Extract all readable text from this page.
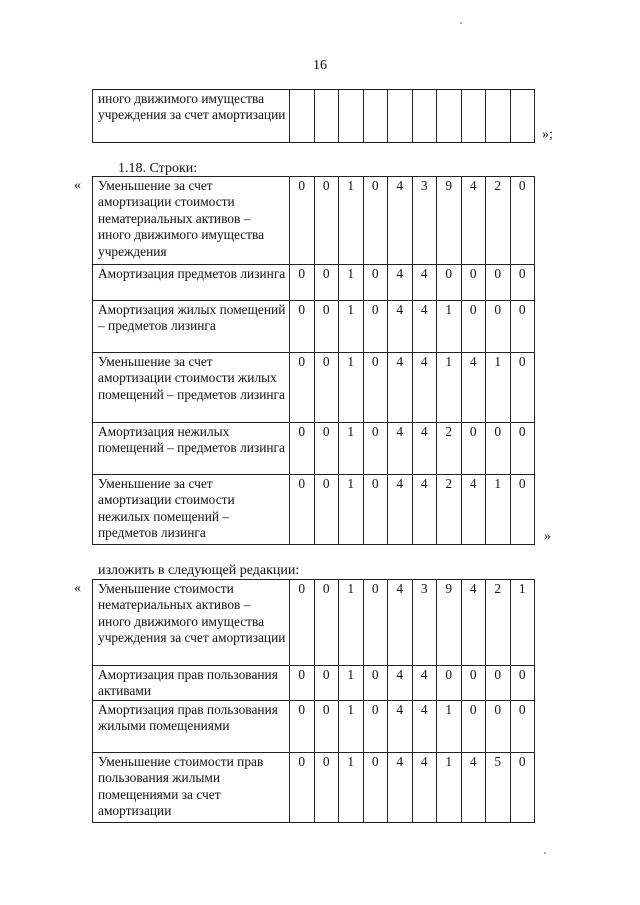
16
иного движимого имущества учреждения за счет амортизации										
»;
1.18. Строки:
« Уменьшение за счет амортизации стоимости нематериальных активов – иного движимого имущества учреждения	0	0	1	0	4	3	9	4	2	0
Амортизация предметов лизинга	0	0	1	0	4	4	0	0	0	0
Амортизация жилых помещений – предметов лизинга	0	0	1	0	4	4	1	0	0	0
Уменьшение за счет амортизации стоимости жилых помещений – предметов лизинга	0	0	1	0	4	4	1	4	1	0
Амортизация нежилых помещений – предметов лизинга	0	0	1	0	4	4	2	0	0	0
Уменьшение за счет амортизации стоимости нежилых помещений – предметов лизинга	0	0	1	0	4	4	2	4	1	0
»
изложить в следующей редакции:
« Уменьшение стоимости нематериальных активов – иного движимого имущества учреждения за счет амортизации	0	0	1	0	4	3	9	4	2	1
Амортизация прав пользования активами	0	0	1	0	4	4	0	0	0	0
Амортизация прав пользования жилыми помещениями	0	0	1	0	4	4	1	0	0	0
Уменьшение стоимости прав пользования жилыми помещениями за счет амортизации	0	0	1	0	4	4	1	4	5	0
